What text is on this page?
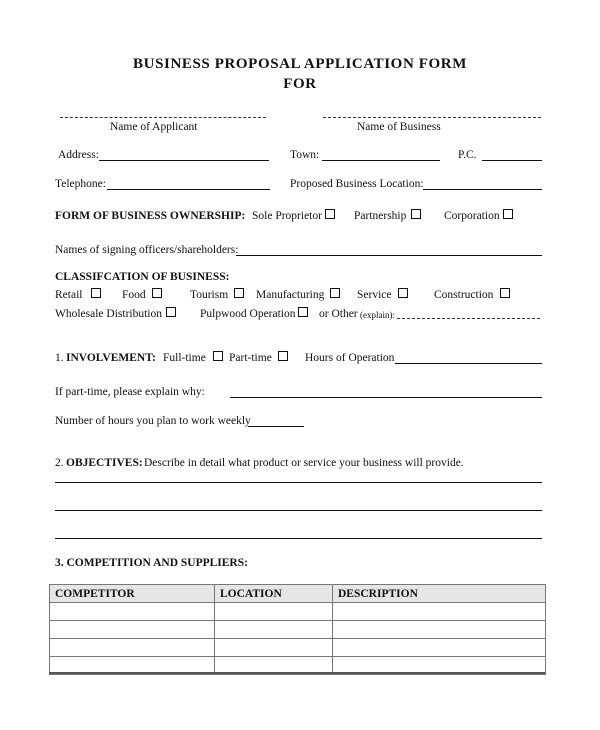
BUSINESS PROPOSAL APPLICATION FORM
FOR
Name of Applicant	Name of Business
Address:	Town:	P.C.
Telephone:	Proposed Business Location:
FORM OF BUSINESS OWNERSHIP: Sole Proprietor	Partnership	Corporation
Names of signing officers/shareholders:
CLASSIFCATION OF BUSINESS:
Retail	Food	Tourism Manufacturing	Service	Construction
Wholesale Distribution	Pulpwood Operation or Other (explain):
1. INVOLVEMENT: Full-time Part-time	Hours of Operation
If part-time, please explain why:
Number of hours you plan to work weekly
2. OBJECTIVES: Describe in detail what product or service your business will provide.
3. COMPETITION AND SUPPLIERS:
COMPETITOR	LOCATION	DESCRIPTION
